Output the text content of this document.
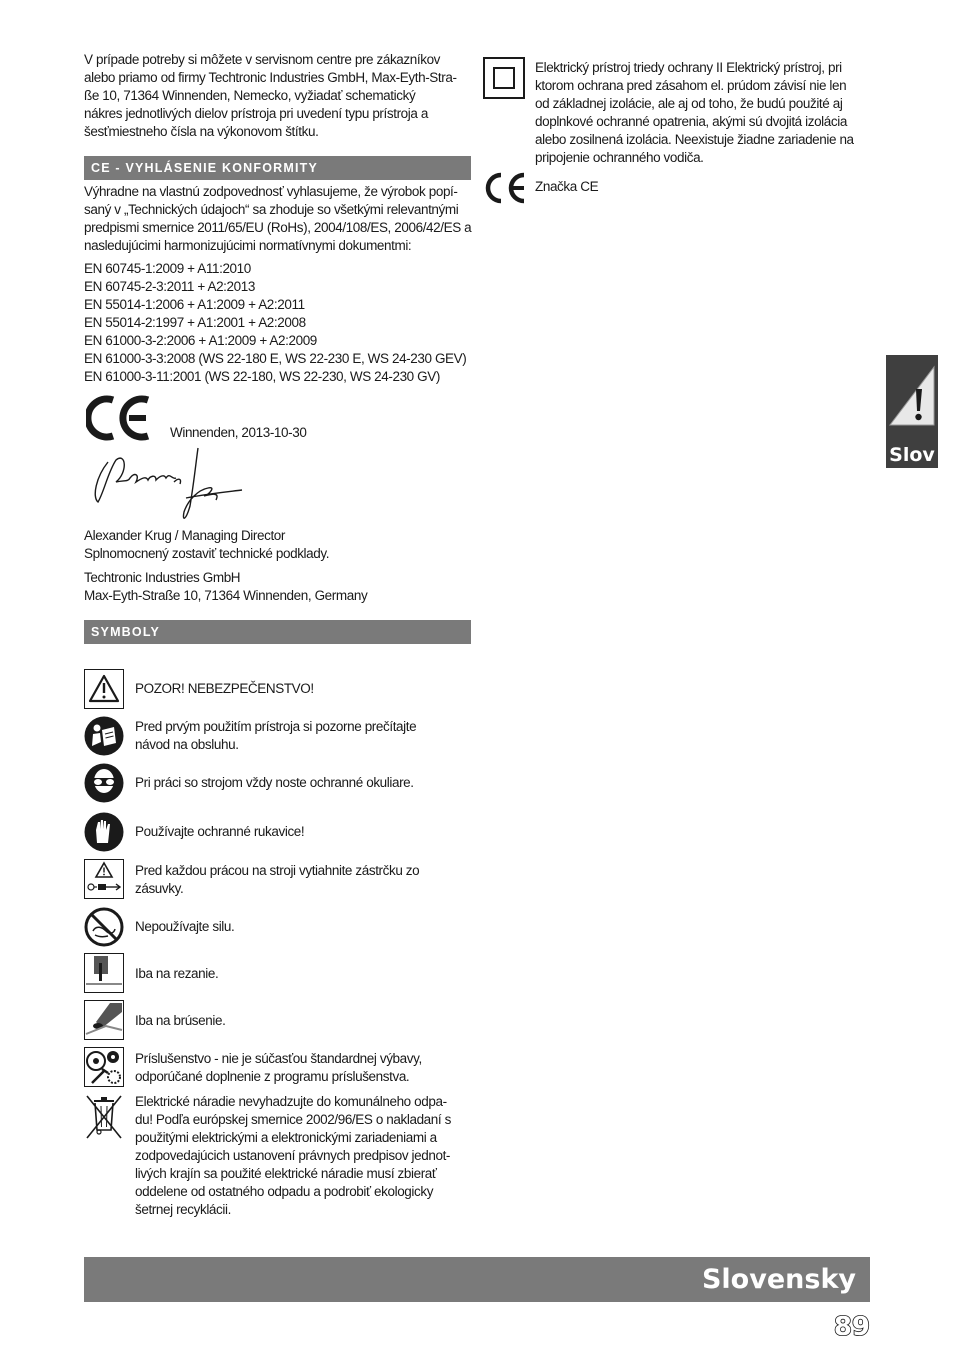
V prípade potreby si môžete v servisnom centre pre zákazníkov
alebo priamo od firmy Techtronic Industries GmbH, Max-Eyth-Stra-
ße 10, 71364 Winnenden, Nemecko, vyžiadať schematický
nákres jednotlivých dielov prístroja pri uvedení typu prístroja a
šesťmiestneho čísla na výkonovom štítku.
CE - VYHLÁSENIE KONFORMITY
Výhradne na vlastnú zodpovednosť vyhlasujeme, že výrobok popí-
saný v „Technických údajoch“ sa zhoduje so všetkými relevantnými
predpismi smernice 2011/65/EU (RoHs), 2004/108/ES, 2006/42/ES a
nasledujúcimi harmonizujúcimi normatívnymi dokumentmi:
EN 60745-1:2009 + A11:2010
EN 60745-2-3:2011 + A2:2013
EN 55014-1:2006 + A1:2009 + A2:2011
EN 55014-2:1997 + A1:2001 + A2:2008
EN 61000-3-2:2006 + A1:2009 + A2:2009
EN 61000-3-3:2008 (WS 22-180 E, WS 22-230 E, WS 24-230 GEV)
EN 61000-3-11:2001 (WS 22-180, WS 22-230, WS 24-230 GV)
Winnenden, 2013-10-30
Alexander Krug / Managing Director
Splnomocnený zostaviť technické podklady.
Techtronic Industries GmbH
Max-Eyth-Straße 10, 71364 Winnenden, Germany
SYMBOLY
POZOR! NEBEZPEČENSTVO!
Pred prvým použitím prístroja si pozorne prečítajte
návod na obsluhu.
Pri práci so strojom vždy noste ochranné okuliare.
Používajte ochranné rukavice!
Pred každou prácou na stroji vytiahnite zástrčku zo
zásuvky.
Nepoužívajte silu.
Iba na rezanie.
Iba na brúsenie.
Príslušenstvo - nie je súčasťou štandardnej výbavy,
odporúčané doplnenie z programu príslušenstva.
Elektrické náradie nevyhadzujte do komunálneho odpa-
du! Podľa európskej smernice 2002/96/ES o nakladaní s
použitými elektrickými a elektronickými zariadeniami a
zodpovedajúcich ustanovení právnych predpisov jednot-
livých krajín sa použité elektrické náradie musí zbierať
oddelene od ostatného odpadu a podrobiť ekologicky
šetrnej recyklácii.
Elektrický prístroj triedy ochrany II Elektrický prístroj, pri
ktorom ochrana pred zásahom el. prúdom závisí nie len
od základnej izolácie, ale aj od toho, že budú použité aj
doplnkové ochranné opatrenia, akými sú dvojitá izolácia
alebo zosilnená izolácia. Neexistuje žiadne zariadenie na
pripojenie ochranného vodiča.
Značka CE
Slov
Slovensky
89
